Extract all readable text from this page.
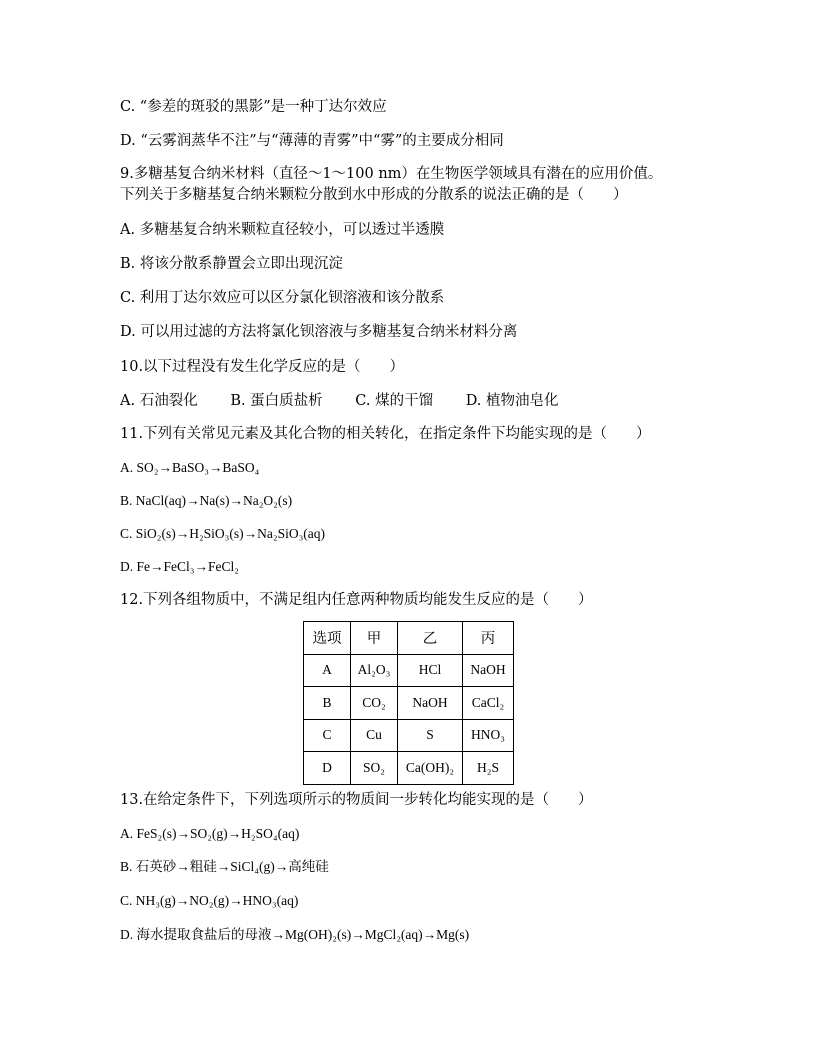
C. “参差的斑驳的黑影”是一种丁达尔效应
D. “云雾润蒸华不注”与“薄薄的青雾”中“雾”的主要成分相同
9.多糖基复合纳米材料（直径～1～100 nm）在生物医学领域具有潜在的应用价值。
下列关于多糖基复合纳米颗粒分散到水中形成的分散系的说法正确的是（　　）
A. 多糖基复合纳米颗粒直径较小，可以透过半透膜
B. 将该分散系静置会立即出现沉淀
C. 利用丁达尔效应可以区分氯化钡溶液和该分散系
D. 可以用过滤的方法将氯化钡溶液与多糖基复合纳米材料分离
10.以下过程没有发生化学反应的是（　　）
A. 石油裂化 B. 蛋白质盐析 C. 煤的干馏 D. 植物油皂化
11.下列有关常见元素及其化合物的相关转化，在指定条件下均能实现的是（　　）
A. SO₂→BaSO₃→BaSO₄
B. NaCl(aq)→Na(s)→Na₂O₂(s)
C. SiO₂(s)→H₂SiO₃(s)→Na₂SiO₃(aq)
D. Fe→FeCl₃→FeCl₂
12.下列各组物质中，不满足组内任意两种物质均能发生反应的是（　　）
选项	甲	乙	丙
A	Al₂O₃	HCl	NaOH
B	CO₂	NaOH	CaCl₂
C	Cu	S	HNO₃
D	SO₂	Ca(OH)₂	H₂S
13.在给定条件下，下列选项所示的物质间一步转化均能实现的是（　　）
A. FeS₂(s)→SO₂(g)→H₂SO₄(aq)
B. 石英砂→粗硅→SiCl₄(g)→高纯硅
C. NH₃(g)→NO₂(g)→HNO₃(aq)
D. 海水提取食盐后的母液→Mg(OH)₂(s)→MgCl₂(aq)→Mg(s)
